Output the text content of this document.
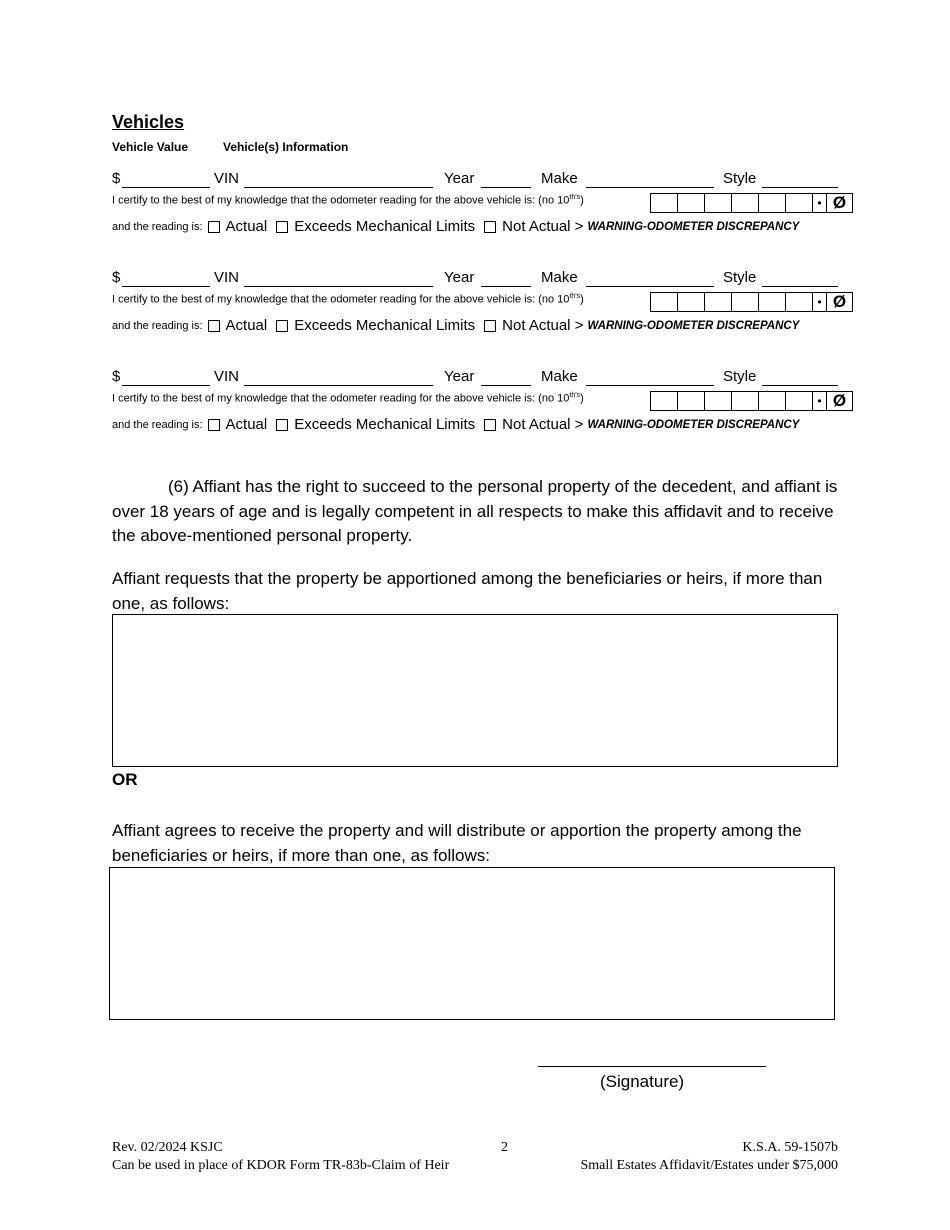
Vehicles
Vehicle Value	Vehicle(s) Information
$	VIN	Year	Make	Style
I certify to the best of my knowledge that the odometer reading for the above vehicle is: (no $10^{th's}$)	• Ø
and the reading is: Actual Exceeds Mechanical Limits Not Actual > WARNING-ODOMETER DISCREPANCY
$	VIN	Year	Make	Style
I certify to the best of my knowledge that the odometer reading for the above vehicle is: (no $10^{th's}$)	• Ø
and the reading is: Actual Exceeds Mechanical Limits Not Actual > WARNING-ODOMETER DISCREPANCY
$	VIN	Year	Make	Style
I certify to the best of my knowledge that the odometer reading for the above vehicle is: (no $10^{th's}$)	• Ø
and the reading is: Actual Exceeds Mechanical Limits Not Actual > WARNING-ODOMETER DISCREPANCY
(6) Affiant has the right to succeed to the personal property of the decedent, and affiant is over 18 years of age and is legally competent in all respects to make this affidavit and to receive the above-mentioned personal property.
Affiant requests that the property be apportioned among the beneficiaries or heirs, if more than one, as follows:
OR
Affiant agrees to receive the property and will distribute or apportion the property among the beneficiaries or heirs, if more than one, as follows:
(Signature)
Rev. 02/2024 KSJC
Can be used in place of KDOR Form TR-83b-Claim of Heir
2	K.S.A. 59-1507b
Small Estates Affidavit/Estates under $75,000
